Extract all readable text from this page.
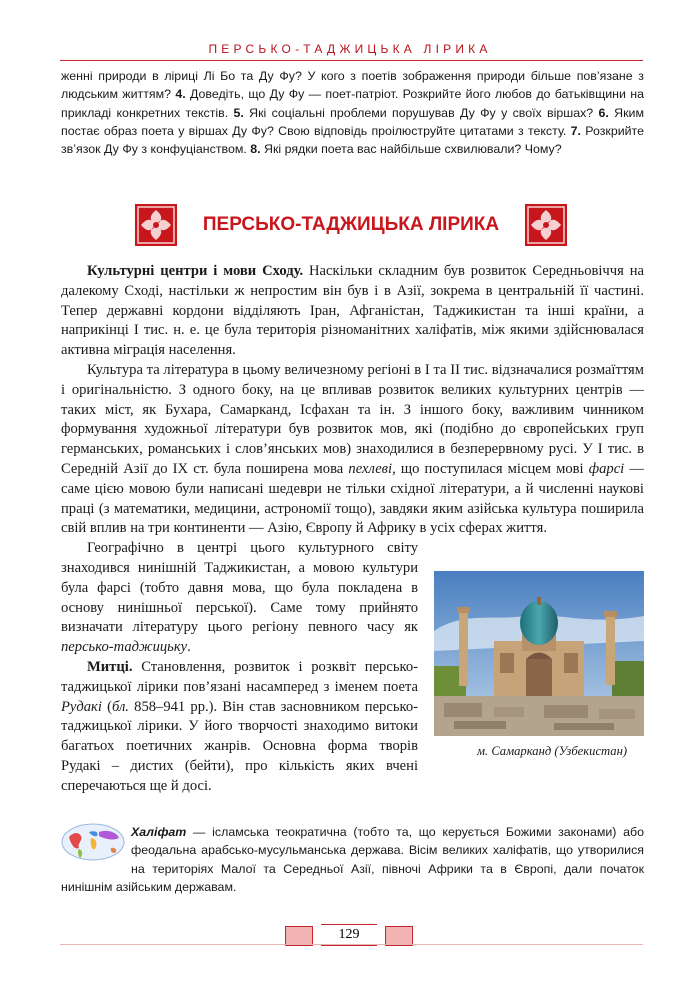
ПЕРСЬКО-ТАДЖИЦЬКА ЛІРИКА
женні природи в ліриці Лі Бо та Ду Фу? У кого з поетів зображення природи більше пов’язане з людським життям? 4. Доведіть, що Ду Фу — поет-патріот. Розкрийте його любов до батьківщини на прикладі конкретних текстів. 5. Які соціальні проблеми порушував Ду Фу у своїх віршах? 6. Яким постає образ поета у віршах Ду Фу? Свою відповідь проілюструйте цитатами з тексту. 7. Розкрийте зв’язок Ду Фу з конфуціанством. 8. Які рядки поета вас найбільше схвилювали? Чому?
ПЕРСЬКО-ТАДЖИЦЬКА ЛІРИКА

Культурні центри і мови Сходу. Наскільки складним був розвиток Середньовіччя на далекому Сході, настільки ж непростим він був і в Азії, зокрема в центральній її частині. Тепер державні кордони відділяють Іран, Афганістан, Таджикистан та інші країни, а наприкінці І тис. н. е. це була територія різноманітних халіфатів, між якими здійснювалася активна міграція населення.

Культура та література в цьому величезному регіоні в І та ІІ тис. відзначалися розмаїттям і оригінальністю. З одного боку, на це впливав розвиток великих культурних центрів — таких міст, як Бухара, Самарканд, Ісфахан та ін. З іншого боку, важливим чинником формування художньої літератури був розвиток мов, які (подібно до європейських груп германських, романських і слов’янських мов) знаходилися в безперервному русі. У І тис. в Середній Азії до IX ст. була поширена мова пехлеві, що поступилася місцем мові фарсі — саме цією мовою були написані шедеври не тільки східної літератури, а й численні наукові праці (з математики, медицини, астрономії тощо), завдяки яким азійська культура поширила свій вплив на три континенти — Азію, Європу й Африку в усіх сферах життя.

м. Самарканд (Узбекистан)
Географічно в центрі цього культурного світу знаходився нинішній Таджикистан, а мовою культури була фарсі (тобто давня мова, що була покладена в основу нинішньої перської). Саме тому прийнято визначати літературу цього регіону певного часу як персько-таджицьку.

Митці. Становлення, розвиток і розквіт персько-таджицької лірики пов’язані насамперед з іменем поета Рудакі (бл. 858–941 рр.). Він став засновником персько-таджицької лірики. У його творчості знаходимо витоки багатьох поетичних жанрів. Основна форма творів Рудакі – дистих (бейти), про кількість яких вчені сперечаються ще й досі.

Халіфат — ісламська теократична (тобто та, що керується Божими законами) або феодальна арабсько-мусульманська держава. Вісім великих халіфатів, що утворилися на територіях Малої та Середньої Азії, півночі Африки та в Європі, дали початок нинішнім азійським державам.
129
